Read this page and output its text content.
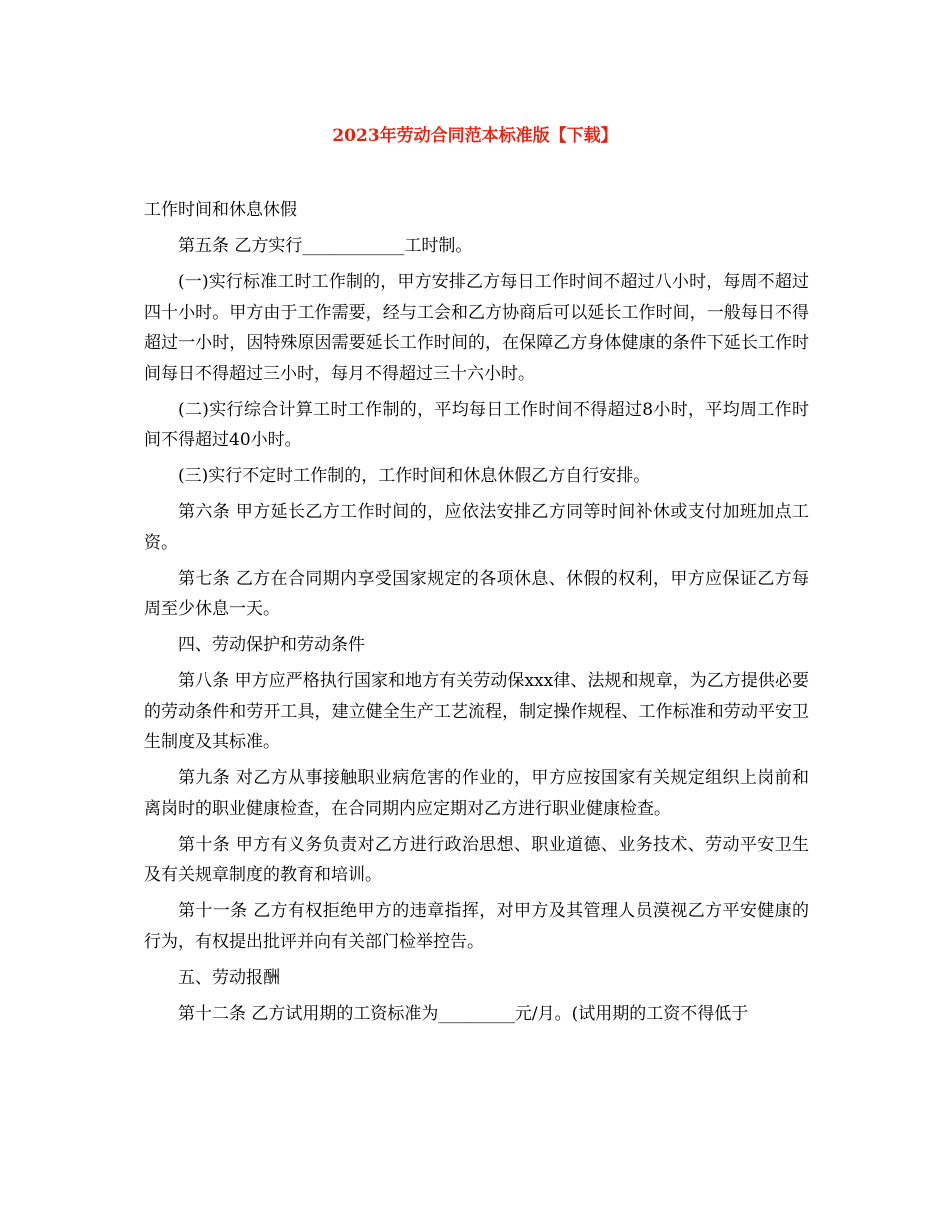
2023年劳动合同范本标准版【下载】

工作时间和休息休假

第五条 乙方实行____________工时制。

(一)实行标准工时工作制的，甲方安排乙方每日工作时间不超过八小时，每周不超过四十小时。甲方由于工作需要，经与工会和乙方协商后可以延长工作时间，一般每日不得超过一小时，因特殊原因需要延长工作时间的，在保障乙方身体健康的条件下延长工作时间每日不得超过三小时，每月不得超过三十六小时。

(二)实行综合计算工时工作制的，平均每日工作时间不得超过8小时，平均周工作时间不得超过40小时。

(三)实行不定时工作制的，工作时间和休息休假乙方自行安排。

第六条 甲方延长乙方工作时间的，应依法安排乙方同等时间补休或支付加班加点工资。

第七条 乙方在合同期内享受国家规定的各项休息、休假的权利，甲方应保证乙方每周至少休息一天。

四、劳动保护和劳动条件

第八条 甲方应严格执行国家和地方有关劳动保xxx律、法规和规章，为乙方提供必要的劳动条件和劳开工具，建立健全生产工艺流程，制定操作规程、工作标准和劳动平安卫生制度及其标准。

第九条 对乙方从事接触职业病危害的作业的，甲方应按国家有关规定组织上岗前和离岗时的职业健康检查，在合同期内应定期对乙方进行职业健康检查。

第十条 甲方有义务负责对乙方进行政治思想、职业道德、业务技术、劳动平安卫生及有关规章制度的教育和培训。

第十一条 乙方有权拒绝甲方的违章指挥，对甲方及其管理人员漠视乙方平安健康的行为，有权提出批评并向有关部门检举控告。

五、劳动报酬

第十二条 乙方试用期的工资标准为_________元/月。(试用期的工资不得低于
